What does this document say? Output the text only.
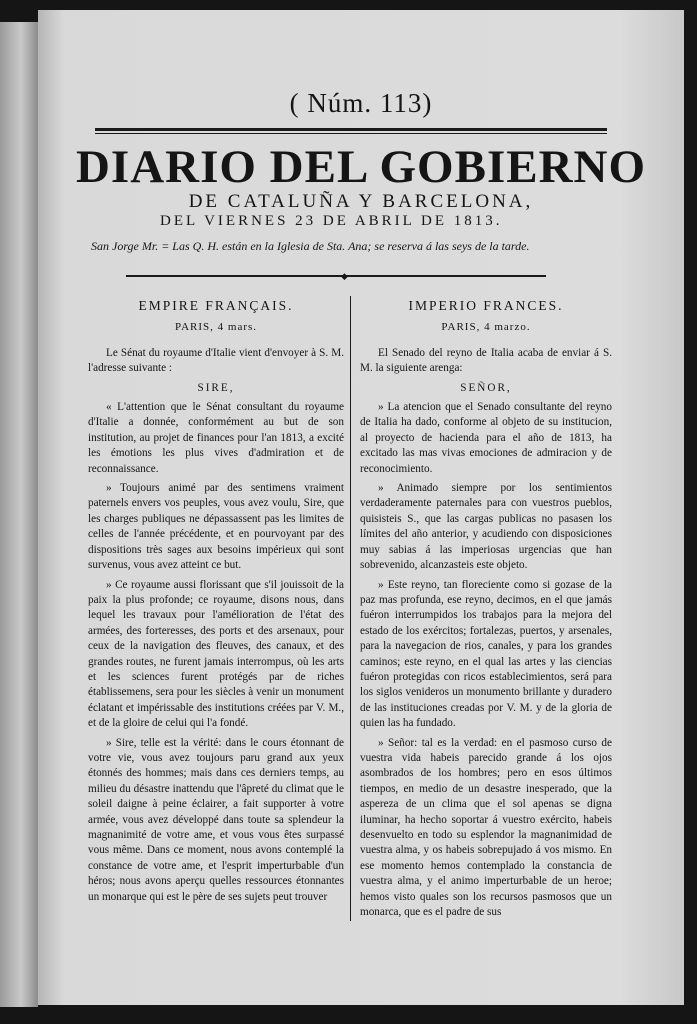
( Núm. 113)
DIARIO DEL GOBIERNO
DE CATALUÑA Y BARCELONA,
DEL VIERNES 23 DE ABRIL DE 1813.
San Jorge Mr. = Las Q. H. están en la Iglesia de Sta. Ana; se reserva á las seys de la tarde.
◆
EMPIRE FRANÇAIS.
PARIS, 4 mars.

Le Sénat du royaume d'Italie vient d'envoyer à S. M. l'adresse suivante :

SIRE,

« L'attention que le Sénat consultant du royaume d'Italie a donnée, conformément au but de son institution, au projet de finances pour l'an 1813, a excité les émotions les plus vives d'admiration et de reconnaissance.

» Toujours animé par des sentimens vraiment paternels envers vos peuples, vous avez voulu, Sire, que les charges publiques ne dépassassent pas les limites de celles de l'année précédente, et en pourvoyant par des dispositions très sages aux besoins impérieux qui sont survenus, vous avez atteint ce but.

» Ce royaume aussi florissant que s'il jouissoit de la paix la plus profonde; ce royaume, disons nous, dans lequel les travaux pour l'amélioration de l'état des armées, des forteresses, des ports et des arsenaux, pour ceux de la navigation des fleuves, des canaux, et des grandes routes, ne furent jamais interrompus, où les arts et les sciences furent protégés par de riches établissemens, sera pour les siècles à venir un monument éclatant et impérissable des institutions créées par V. M., et de la gloire de celui qui l'a fondé.

» Sire, telle est la vérité: dans le cours étonnant de votre vie, vous avez toujours paru grand aux yeux étonnés des hommes; mais dans ces derniers temps, au milieu du désastre inattendu que l'âpreté du climat que le soleil daigne à peine éclairer, a fait supporter à votre armée, vous avez développé dans toute sa splendeur la magnanimité de votre ame, et vous vous êtes surpassé vous même. Dans ce moment, nous avons contemplé la constance de votre ame, et l'esprit imperturbable d'un héros; nous avons aperçu quelles ressources étonnantes un monarque qui est le père de ses sujets peut trouver

IMPERIO FRANCES.
PARIS, 4 marzo.

El Senado del reyno de Italia acaba de enviar á S. M. la siguiente arenga:

SEÑOR,

» La atencion que el Senado consultante del reyno de Italia ha dado, conforme al objeto de su institucion, al proyecto de hacienda para el año de 1813, ha excitado las mas vivas emociones de admiracion y de reconocimiento.

» Animado siempre por los sentimientos verdaderamente paternales para con vuestros pueblos, quisisteis S., que las cargas publicas no pasasen los límites del año anterior, y acudiendo con disposiciones muy sabias á las imperiosas urgencias que han sobrevenido, alcanzasteis este objeto.

» Este reyno, tan floreciente como si gozase de la paz mas profunda, ese reyno, decimos, en el que jamás fuéron interrumpidos los trabajos para la mejora del estado de los exércitos; fortalezas, puertos, y arsenales, para la navegacion de rios, canales, y para los grandes caminos; este reyno, en el qual las artes y las ciencias fuéron protegidas con ricos establecimientos, será para los siglos venideros un monumento brillante y duradero de las instituciones creadas por V. M. y de la gloria de quien las ha fundado.

» Señor: tal es la verdad: en el pasmoso curso de vuestra vida habeis parecido grande á los ojos asombrados de los hombres; pero en esos últimos tiempos, en medio de un desastre inesperado, que la aspereza de un clima que el sol apenas se digna iluminar, ha hecho soportar á vuestro exército, habeis desenvuelto en todo su esplendor la magnanimidad de vuestra alma, y os habeis sobrepujado á vos mismo. En ese momento hemos contemplado la constancia de vuestra alma, y el animo imperturbable de un heroe; hemos visto quales son los recursos pasmosos que un monarca, que es el padre de sus
